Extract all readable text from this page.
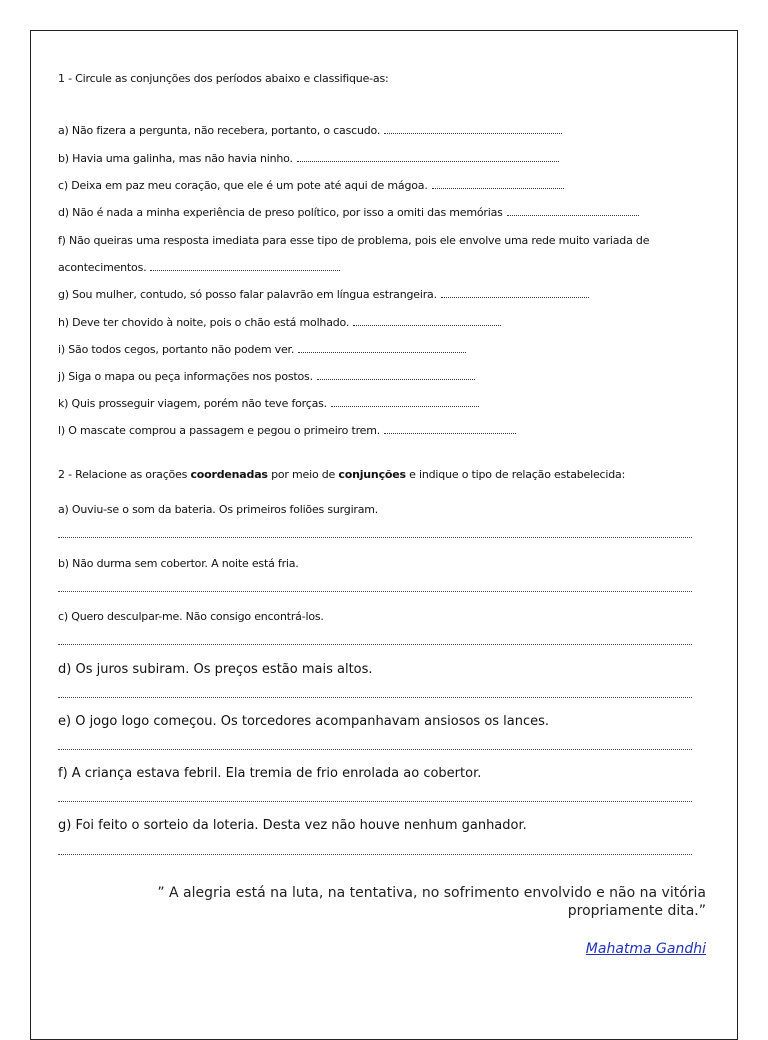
1 - Circule as conjunções dos períodos abaixo e classifique-as:
a) Não fizera a pergunta, não recebera, portanto, o cascudo.
b) Havia uma galinha, mas não havia ninho.
c) Deixa em paz meu coração, que ele é um pote até aqui de mágoa.
d) Não é nada a minha experiência de preso político, por isso a omiti das memórias
f) Não queiras uma resposta imediata para esse tipo de problema, pois ele envolve uma rede muito variada de
acontecimentos.
g) Sou mulher, contudo, só posso falar palavrão em língua estrangeira.
h) Deve ter chovido à noite, pois o chão está molhado.
i) São todos cegos, portanto não podem ver.
j) Siga o mapa ou peça informações nos postos.
k) Quis prosseguir viagem, porém não teve forças.
l) O mascate comprou a passagem e pegou o primeiro trem.
2 - Relacione as orações coordenadas por meio de conjunções e indique o tipo de relação estabelecida:
a) Ouviu-se o som da bateria. Os primeiros foliões surgiram.
b) Não durma sem cobertor. A noite está fria.
c) Quero desculpar-me. Não consigo encontrá-los.
d) Os juros subiram. Os preços estão mais altos.
e) O jogo logo começou. Os torcedores acompanhavam ansiosos os lances.
f) A criança estava febril. Ela tremia de frio enrolada ao cobertor.
g) Foi feito o sorteio da loteria. Desta vez não houve nenhum ganhador.
” A alegria está na luta, na tentativa, no sofrimento envolvido e não na vitória propriamente dita.”
Mahatma Gandhi
